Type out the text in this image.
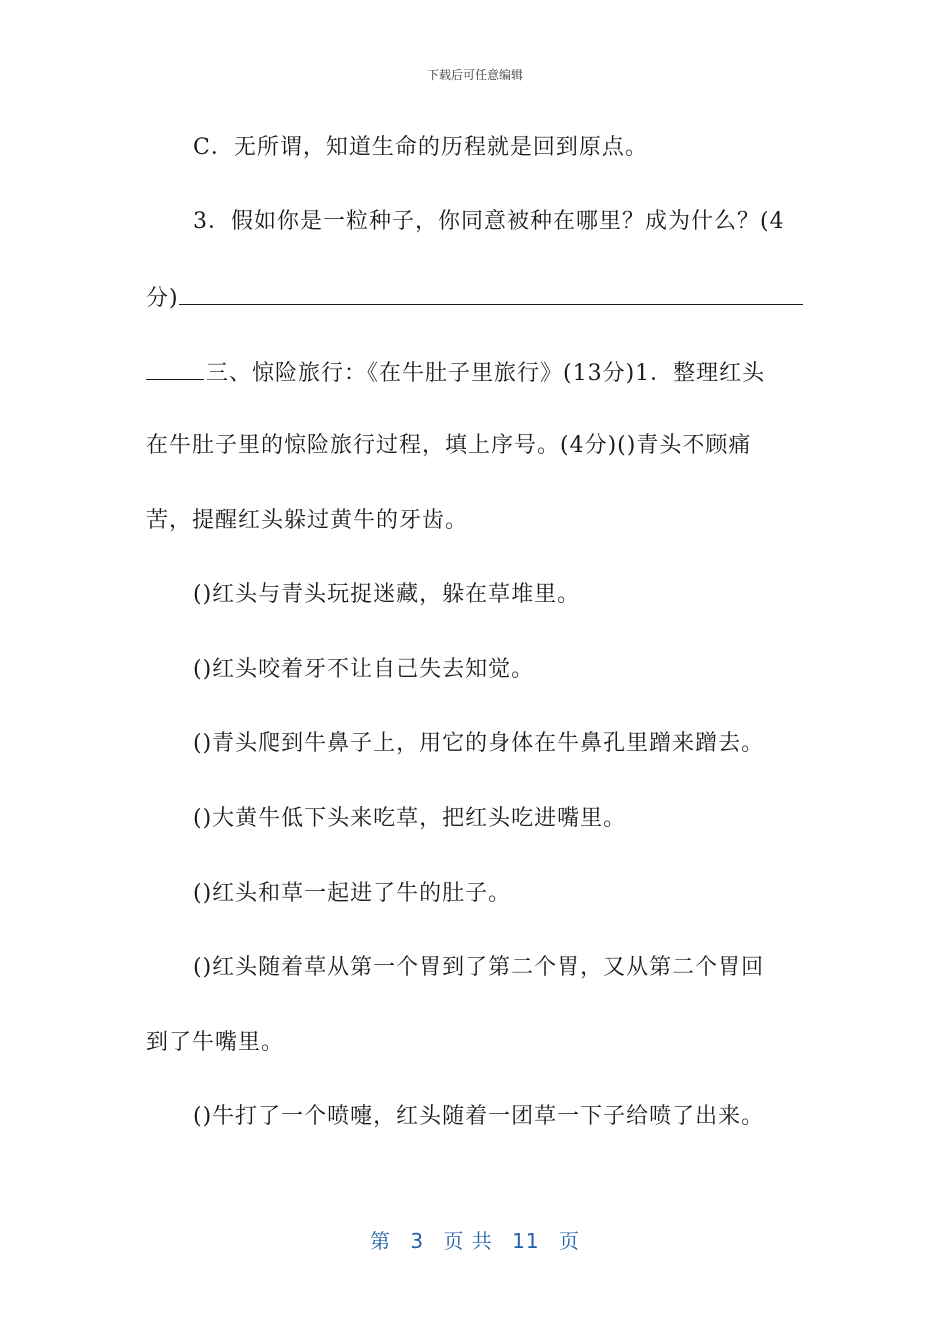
下载后可任意编辑
C．无所谓，知道生命的历程就是回到原点。
3．假如你是一粒种子，你同意被种在哪里？成为什么？(4
分)
三、惊险旅行：《在牛肚子里旅行》(13分)1．整理红头
在牛肚子里的惊险旅行过程，填上序号。(4分)()青头不顾痛
苦，提醒红头躲过黄牛的牙齿。
()红头与青头玩捉迷藏，躲在草堆里。
()红头咬着牙不让自己失去知觉。
()青头爬到牛鼻子上，用它的身体在牛鼻孔里蹭来蹭去。
()大黄牛低下头来吃草，把红头吃进嘴里。
()红头和草一起进了牛的肚子。
()红头随着草从第一个胃到了第二个胃，又从第二个胃回
到了牛嘴里。
()牛打了一个喷嚏，红头随着一团草一下子给喷了出来。
第 3 页 共 11 页
